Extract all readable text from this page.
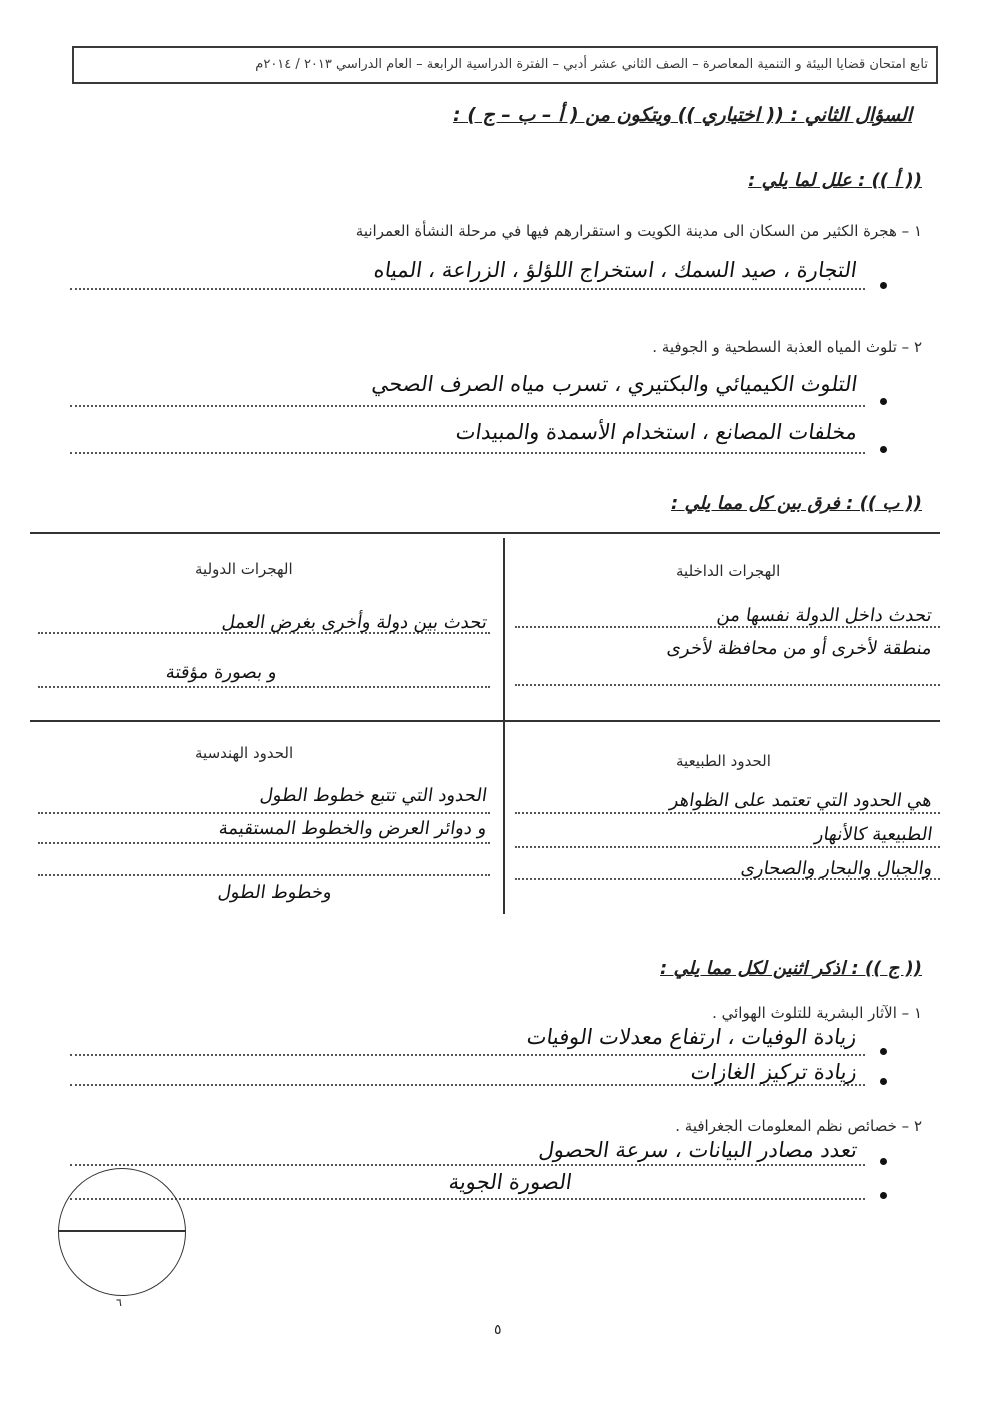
تابع امتحان قضايا البيئة و التنمية المعاصرة – الصف الثاني عشر أدبي – الفترة الدراسية الرابعة – العام الدراسي ٢٠١٣ / ٢٠١٤م
السؤال الثاني : (( اختياري )) ويتكون من ( أ – ب – ج ) :
(( أ )) : علل لما يلي :
١ – هجرة الكثير من السكان الى مدينة الكويت و استقرارهم فيها في مرحلة النشأة العمرانية
التجارة ، صيد السمك ، استخراج اللؤلؤ ، الزراعة ، المياه
٢ – تلوث المياه العذبة السطحية و الجوفية .
التلوث الكيميائي والبكتيري ، تسرب مياه الصرف الصحي
مخلفات المصانع ، استخدام الأسمدة والمبيدات
(( ب )) : فرق بين كل مما يلي :
الهجرات الدولية	الهجرات الداخلية
تحدث بين دولة وأخرى بغرض العمل
و بصورة مؤقتة
تحدث داخل الدولة نفسها من
منطقة لأخرى أو من محافظة لأخرى
الحدود الهندسية	الحدود الطبيعية
الحدود التي تتبع خطوط الطول
و دوائر العرض والخطوط المستقيمة
وخطوط الطول
هي الحدود التي تعتمد على الظواهر
الطبيعية كالأنهار
والجبال والبحار والصحارى
(( ج )) : اذكر اثنين لكل مما يلي :
١ – الآثار البشرية للتلوث الهوائي .
زيادة الوفيات ، ارتفاع معدلات الوفيات
زيادة تركيز الغازات
٢ – خصائص نظم المعلومات الجغرافية .
تعدد مصادر البيانات ، سرعة الحصول
الصورة الجوية
٦
٥
